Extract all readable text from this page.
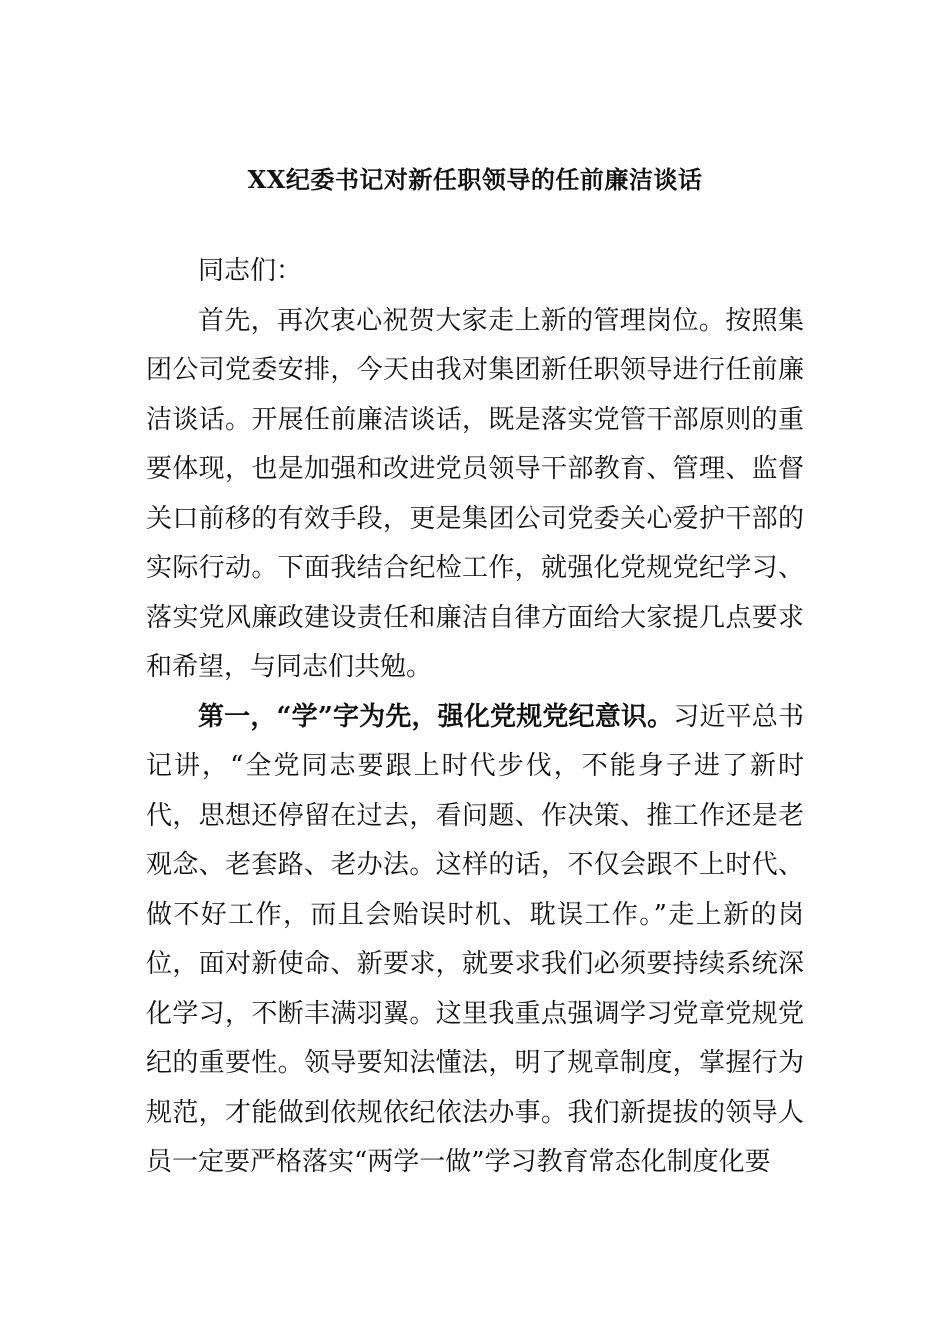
XX纪委书记对新任职领导的任前廉洁谈话

同志们：

首先，再次衷心祝贺大家走上新的管理岗位。按照集团公司党委安排，今天由我对集团新任职领导进行任前廉洁谈话。开展任前廉洁谈话，既是落实党管干部原则的重要体现，也是加强和改进党员领导干部教育、管理、监督关口前移的有效手段，更是集团公司党委关心爱护干部的实际行动。下面我结合纪检工作，就强化党规党纪学习、落实党风廉政建设责任和廉洁自律方面给大家提几点要求和希望，与同志们共勉。

第一，“学”字为先，强化党规党纪意识。习近平总书记讲，“全党同志要跟上时代步伐，不能身子进了新时代，思想还停留在过去，看问题、作决策、推工作还是老观念、老套路、老办法。这样的话，不仅会跟不上时代、做不好工作，而且会贻误时机、耽误工作。”走上新的岗位，面对新使命、新要求，就要求我们必须要持续系统深化学习，不断丰满羽翼。这里我重点强调学习党章党规党纪的重要性。领导要知法懂法，明了规章制度，掌握行为规范，才能做到依规依纪依法办事。我们新提拔的领导人员一定要严格落实“两学一做”学习教育常态化制度化要
